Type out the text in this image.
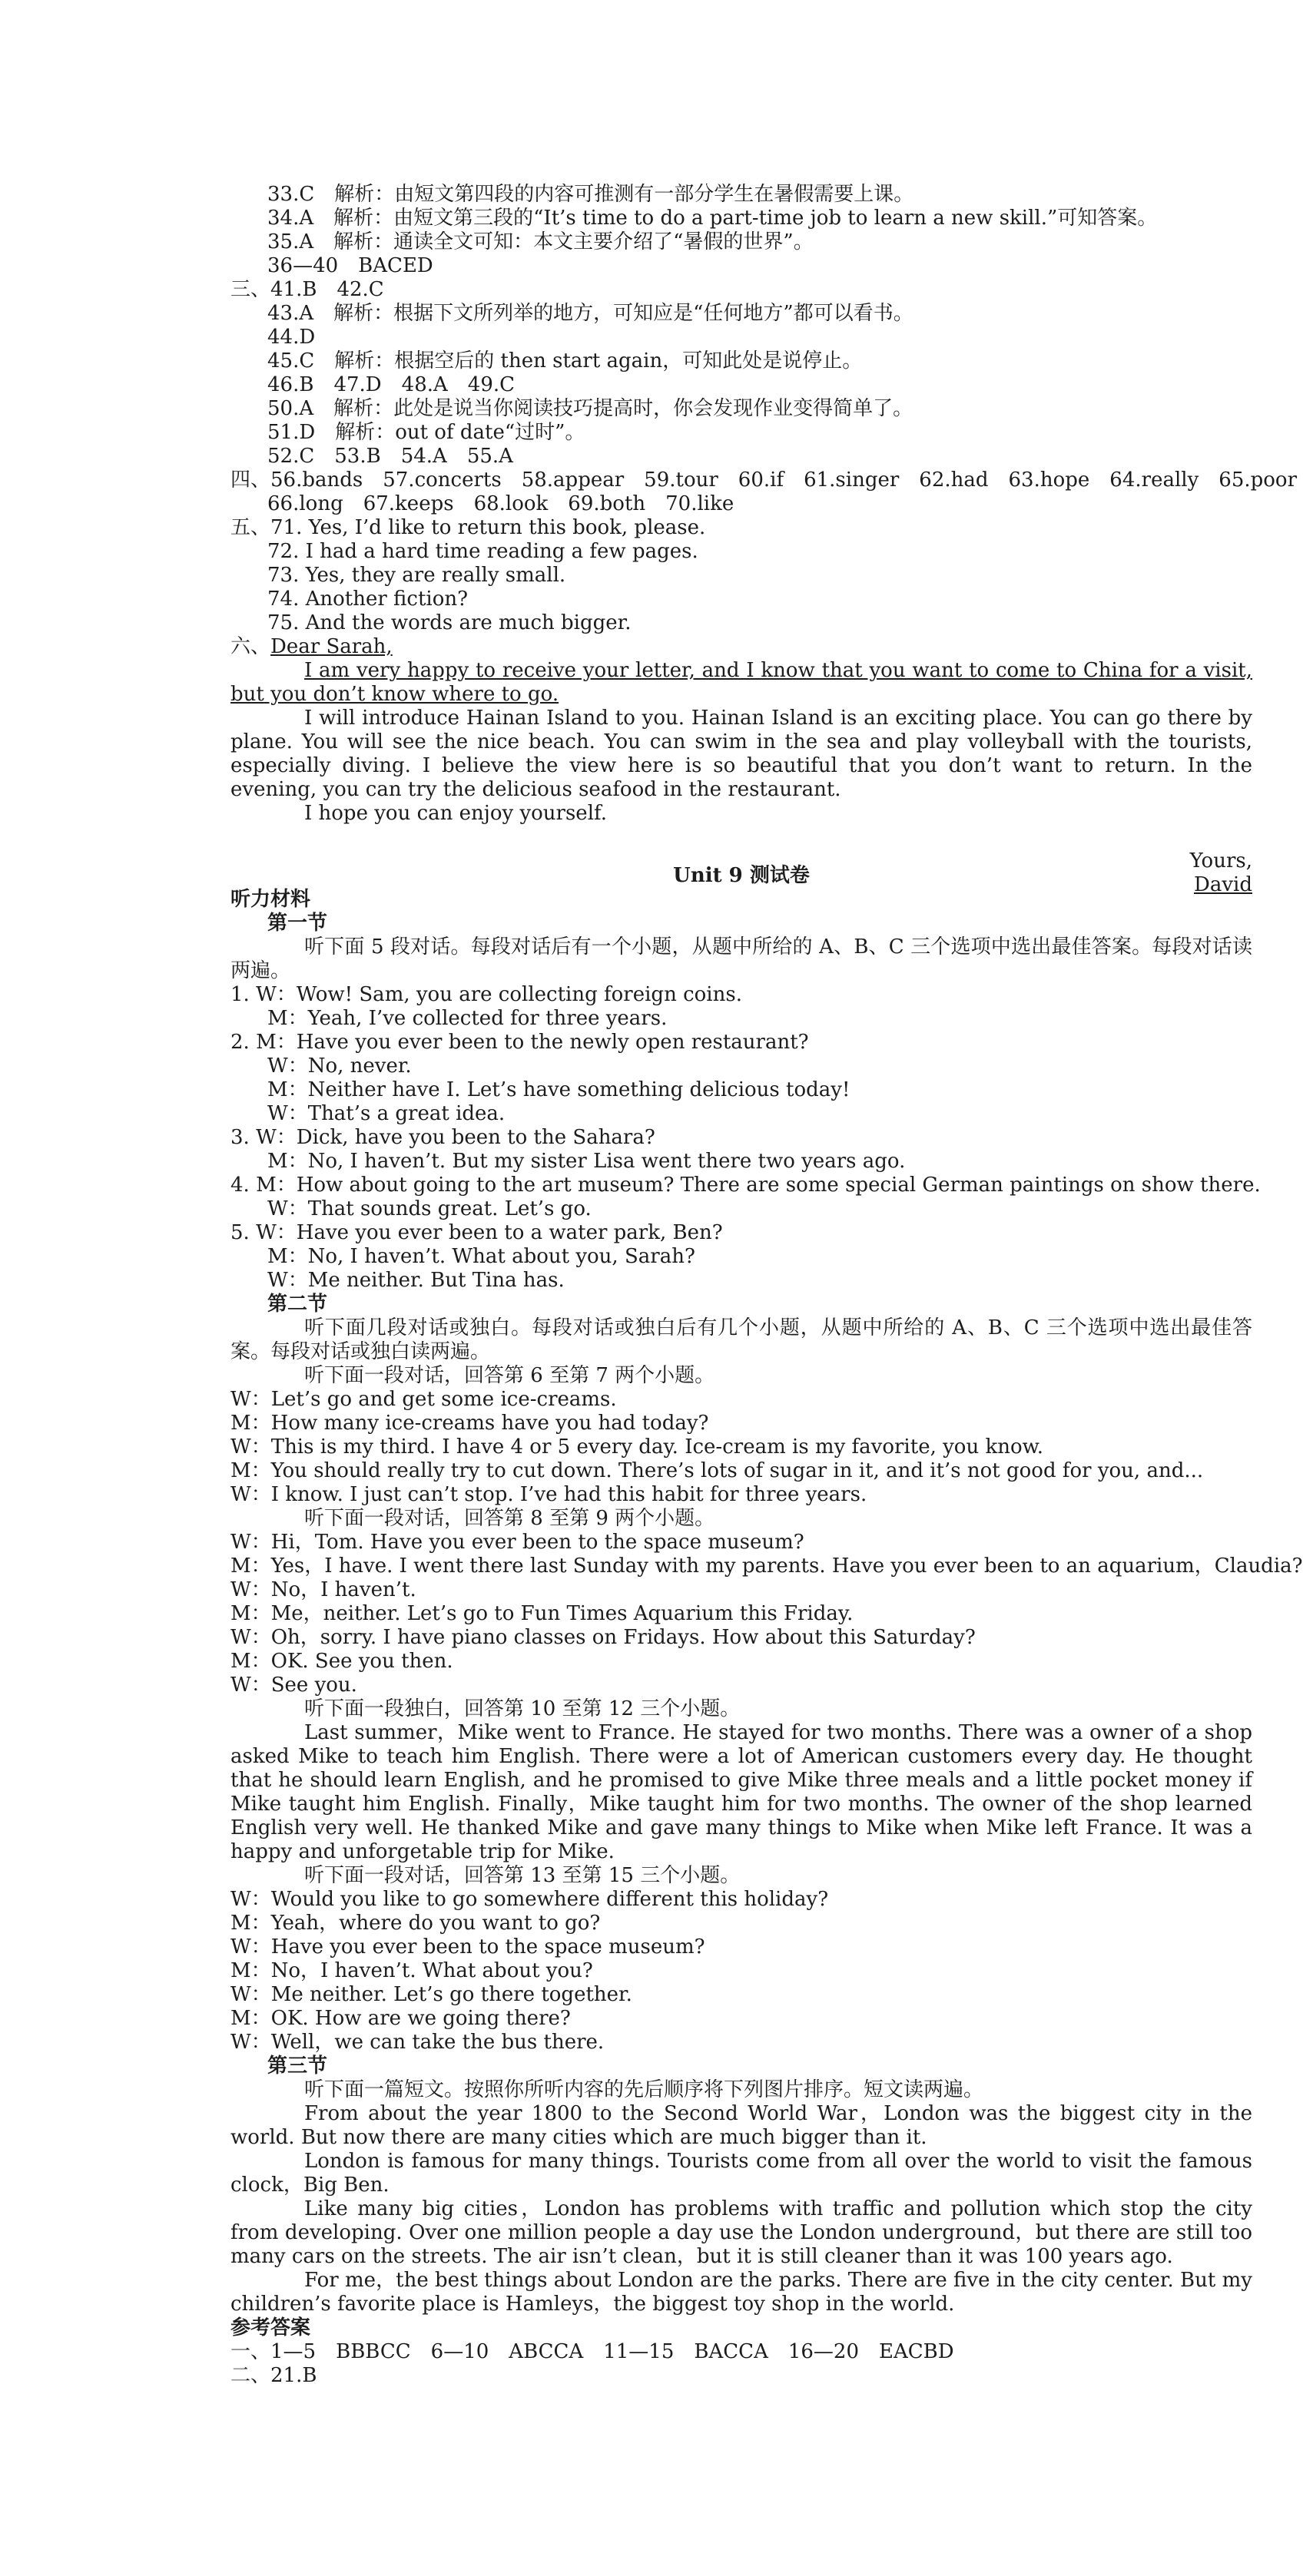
33.C　解析：由短文第四段的内容可推测有一部分学生在暑假需要上课。
34.A　解析：由短文第三段的“It’s time to do a part-time job to learn a new skill.”可知答案。
35.A　解析：通读全文可知：本文主要介绍了“暑假的世界”。
36—40　BACED
三、41.B　42.C
43.A　解析：根据下文所列举的地方，可知应是“任何地方”都可以看书。
44.D
45.C　解析：根据空后的 then start again，可知此处是说停止。
46.B　47.D　48.A　49.C
50.A　解析：此处是说当你阅读技巧提高时，你会发现作业变得简单了。
51.D　解析：out of date“过时”。
52.C　53.B　54.A　55.A
四、56.bands　57.concerts　58.appear　59.tour　60.if　61.singer　62.had　63.hope　64.really　65.poor
66.long　67.keeps　68.look　69.both　70.like
五、71. Yes, I’d like to return this book, please.
72. I had a hard time reading a few pages.
73. Yes, they are really small.
74. Another fiction?
75. And the words are much bigger.
六、Dear Sarah,
I am very happy to receive your letter, and I know that you want to come to China for a visit, but you don’t know where to go.
I will introduce Hainan Island to you. Hainan Island is an exciting place. You can go there by plane. You will see the nice beach. You can swim in the sea and play volleyball with the tourists, especially diving. I believe the view here is so beautiful that you don’t want to return. In the evening, you can try the delicious seafood in the restaurant.
I hope you can enjoy yourself.
Yours,
David
Unit 9 测试卷
听力材料
第一节
听下面 5 段对话。每段对话后有一个小题，从题中所给的 A、B、C 三个选项中选出最佳答案。每段对话读两遍。
1. W：Wow! Sam, you are collecting foreign coins.
M：Yeah, I’ve collected for three years.
2. M：Have you ever been to the newly open restaurant?
W：No, never.
M：Neither have I. Let’s have something delicious today!
W：That’s a great idea.
3. W：Dick, have you been to the Sahara?
M：No, I haven’t. But my sister Lisa went there two years ago.
4. M：How about going to the art museum? There are some special German paintings on show there.
W：That sounds great. Let’s go.
5. W：Have you ever been to a water park, Ben?
M：No, I haven’t. What about you, Sarah?
W：Me neither. But Tina has.
第二节
听下面几段对话或独白。每段对话或独白后有几个小题，从题中所给的 A、B、C 三个选项中选出最佳答案。每段对话或独白读两遍。
听下面一段对话，回答第 6 至第 7 两个小题。
W：Let’s go and get some ice-creams.
M：How many ice-creams have you had today?
W：This is my third. I have 4 or 5 every day. Ice-cream is my favorite, you know.
M：You should really try to cut down. There’s lots of sugar in it, and it’s not good for you, and...
W：I know. I just can’t stop. I’ve had this habit for three years.
听下面一段对话，回答第 8 至第 9 两个小题。
W：Hi，Tom. Have you ever been to the space museum?
M：Yes，I have. I went there last Sunday with my parents. Have you ever been to an aquarium，Claudia?
W：No，I haven’t.
M：Me，neither. Let’s go to Fun Times Aquarium this Friday.
W：Oh，sorry. I have piano classes on Fridays. How about this Saturday?
M：OK. See you then.
W：See you.
听下面一段独白，回答第 10 至第 12 三个小题。
Last summer，Mike went to France. He stayed for two months. There was a owner of a shop asked Mike to teach him English. There were a lot of American customers every day. He thought that he should learn English, and he promised to give Mike three meals and a little pocket money if Mike taught him English. Finally，Mike taught him for two months. The owner of the shop learned English very well. He thanked Mike and gave many things to Mike when Mike left France. It was a happy and unforgetable trip for Mike.
听下面一段对话，回答第 13 至第 15 三个小题。
W：Would you like to go somewhere different this holiday?
M：Yeah，where do you want to go?
W：Have you ever been to the space museum?
M：No，I haven’t. What about you?
W：Me neither. Let’s go there together.
M：OK. How are we going there?
W：Well，we can take the bus there.
第三节
听下面一篇短文。按照你所听内容的先后顺序将下列图片排序。短文读两遍。
From about the year 1800 to the Second World War，London was the biggest city in the world. But now there are many cities which are much bigger than it.
London is famous for many things. Tourists come from all over the world to visit the famous clock，Big Ben.
Like many big cities，London has problems with traffic and pollution which stop the city from developing. Over one million people a day use the London underground，but there are still too many cars on the streets. The air isn’t clean，but it is still cleaner than it was 100 years ago.
For me，the best things about London are the parks. There are five in the city center. But my children’s favorite place is Hamleys，the biggest toy shop in the world.
参考答案
一、1—5　BBBCC　6—10　ABCCA　11—15　BACCA　16—20　EACBD
二、21.B
